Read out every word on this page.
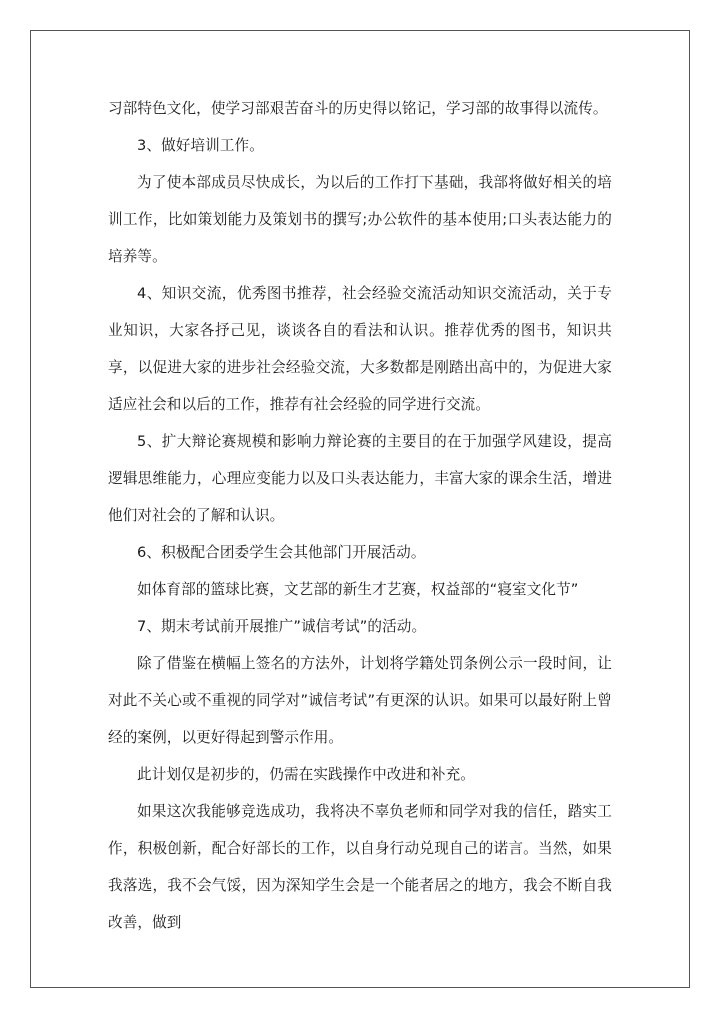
习部特色文化，使学习部艰苦奋斗的历史得以铭记，学习部的故事得以流传。

3、做好培训工作。

为了使本部成员尽快成长，为以后的工作打下基础，我部将做好相关的培训工作，比如策划能力及策划书的撰写;办公软件的基本使用;口头表达能力的培养等。

4、知识交流，优秀图书推荐，社会经验交流活动知识交流活动，关于专业知识，大家各抒己见，谈谈各自的看法和认识。推荐优秀的图书，知识共享，以促进大家的进步社会经验交流，大多数都是刚踏出高中的，为促进大家适应社会和以后的工作，推荐有社会经验的同学进行交流。

5、扩大辩论赛规模和影响力辩论赛的主要目的在于加强学风建设，提高逻辑思维能力，心理应变能力以及口头表达能力，丰富大家的课余生活，增进他们对社会的了解和认识。

6、积极配合团委学生会其他部门开展活动。

如体育部的篮球比赛，文艺部的新生才艺赛，权益部的“寝室文化节”

7、期末考试前开展推广”诚信考试”的活动。

除了借鉴在横幅上签名的方法外，计划将学籍处罚条例公示一段时间，让对此不关心或不重视的同学对”诚信考试”有更深的认识。如果可以最好附上曾经的案例，以更好得起到警示作用。

此计划仅是初步的，仍需在实践操作中改进和补充。

如果这次我能够竞选成功，我将决不辜负老师和同学对我的信任，踏实工作，积极创新，配合好部长的工作，以自身行动兑现自己的诺言。当然，如果我落选，我不会气馁，因为深知学生会是一个能者居之的地方，我会不断自我改善，做到
